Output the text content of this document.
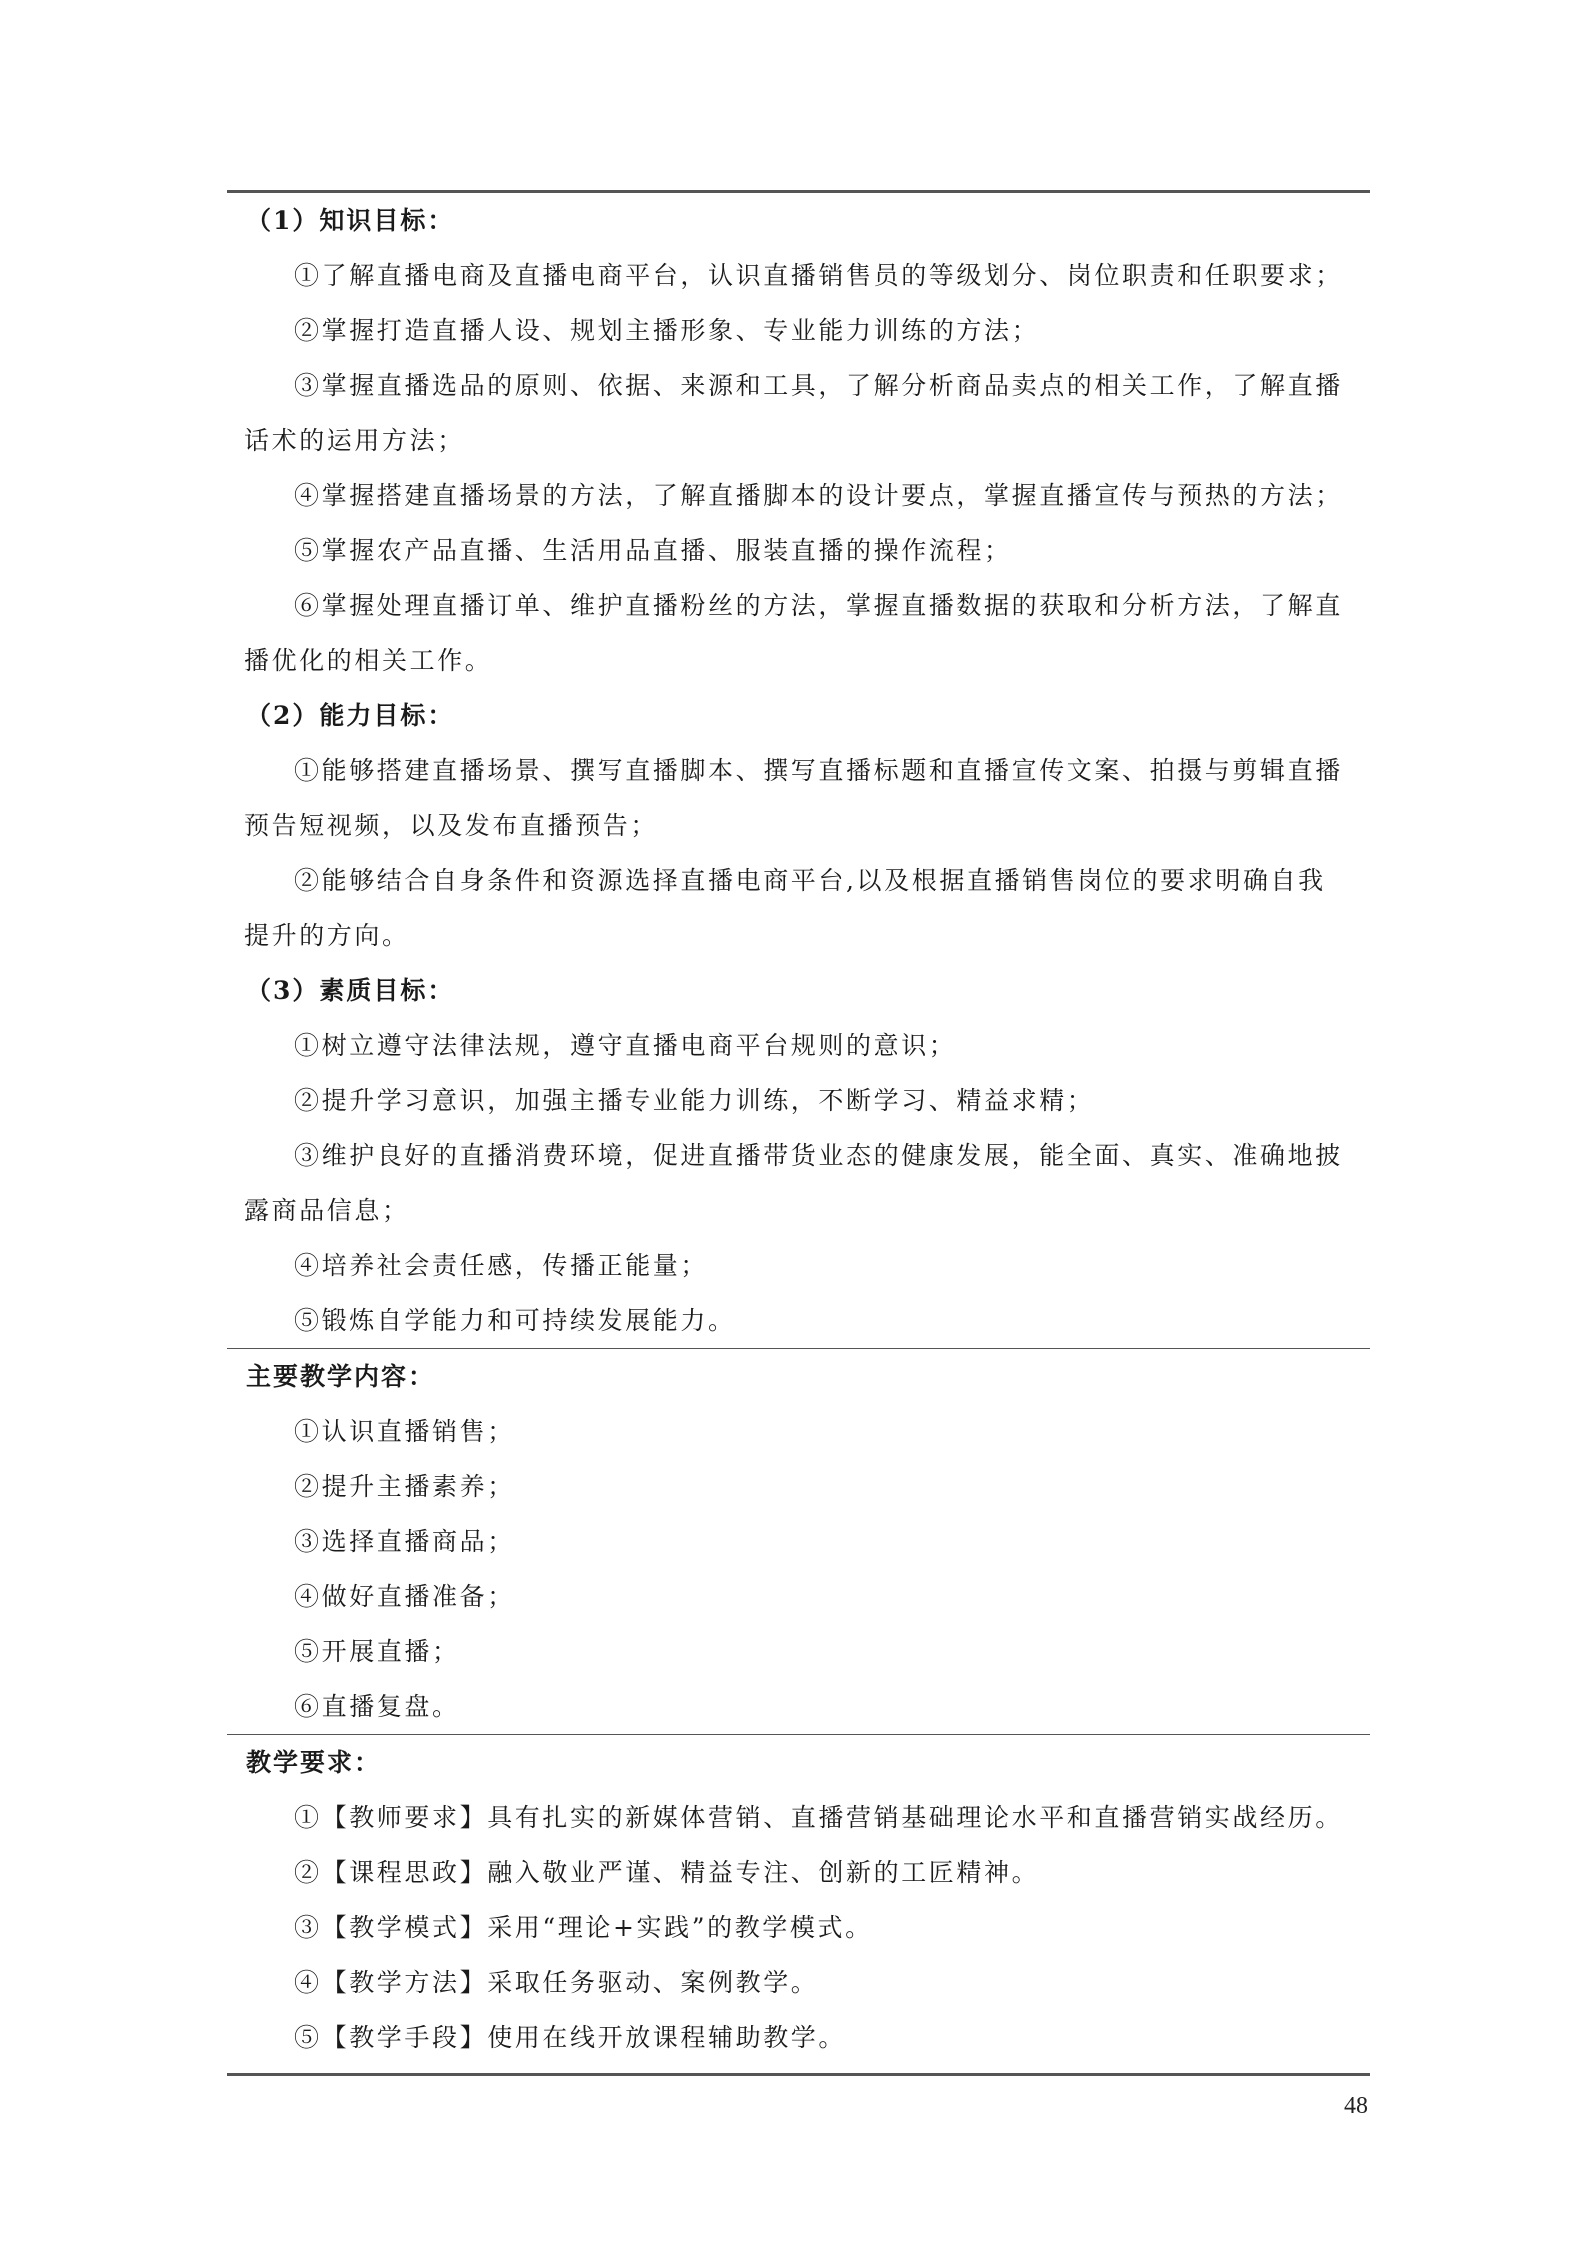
（1）知识目标：
①了解直播电商及直播电商平台，认识直播销售员的等级划分、岗位职责和任职要求；
②掌握打造直播人设、规划主播形象、专业能力训练的方法；
③掌握直播选品的原则、依据、来源和工具，了解分析商品卖点的相关工作，了解直播
话术的运用方法；
④掌握搭建直播场景的方法，了解直播脚本的设计要点，掌握直播宣传与预热的方法；
⑤掌握农产品直播、生活用品直播、服装直播的操作流程；
⑥掌握处理直播订单、维护直播粉丝的方法，掌握直播数据的获取和分析方法，了解直
播优化的相关工作。
（2）能力目标：
①能够搭建直播场景、撰写直播脚本、撰写直播标题和直播宣传文案、拍摄与剪辑直播
预告短视频，以及发布直播预告；
②能够结合自身条件和资源选择直播电商平台,以及根据直播销售岗位的要求明确自我
提升的方向。
（3）素质目标：
①树立遵守法律法规，遵守直播电商平台规则的意识；
②提升学习意识，加强主播专业能力训练，不断学习、精益求精；
③维护良好的直播消费环境，促进直播带货业态的健康发展，能全面、真实、准确地披
露商品信息；
④培养社会责任感，传播正能量；
⑤锻炼自学能力和可持续发展能力。
主要教学内容：
①认识直播销售；
②提升主播素养；
③选择直播商品；
④做好直播准备；
⑤开展直播；
⑥直播复盘。
教学要求：
①【教师要求】具有扎实的新媒体营销、直播营销基础理论水平和直播营销实战经历。
②【课程思政】融入敬业严谨、精益专注、创新的工匠精神。
③【教学模式】采用“理论+实践”的教学模式。
④【教学方法】采取任务驱动、案例教学。
⑤【教学手段】使用在线开放课程辅助教学。
48
